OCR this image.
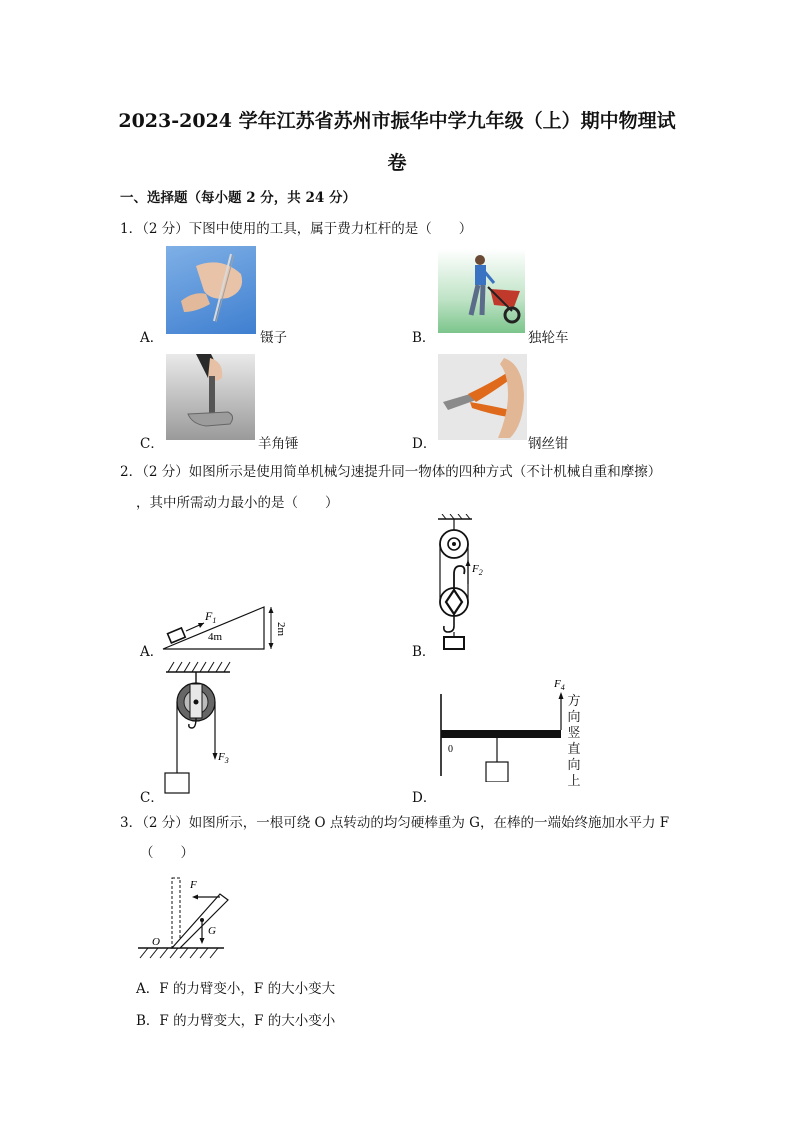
2023-2024 学年江苏省苏州市振华中学九年级（上）期中物理试
卷
一、选择题（每小题 2 分，共 24 分）
1．（2 分）下图中使用的工具，属于费力杠杆的是（　　）
A．	镊子	B．	独轮车
C．	羊角锤	D．	钢丝钳
2．（2 分）如图所示是使用简单机械匀速提升同一物体的四种方式（不计机械自重和摩擦）
，其中所需动力最小的是（　　）
$F_1$
4m
2m
A．
$F_2$
B．
$F_3$
C．
$F_4$
0
方
向
竖
直
向
上
D．
3．（2 分）如图所示，一根可绕 O 点转动的均匀硬棒重为 G，在棒的一端始终施加水平力 F
（　　）
F
G
O
A．F 的力臂变小，F 的大小变大
B．F 的力臂变大，F 的大小变小
